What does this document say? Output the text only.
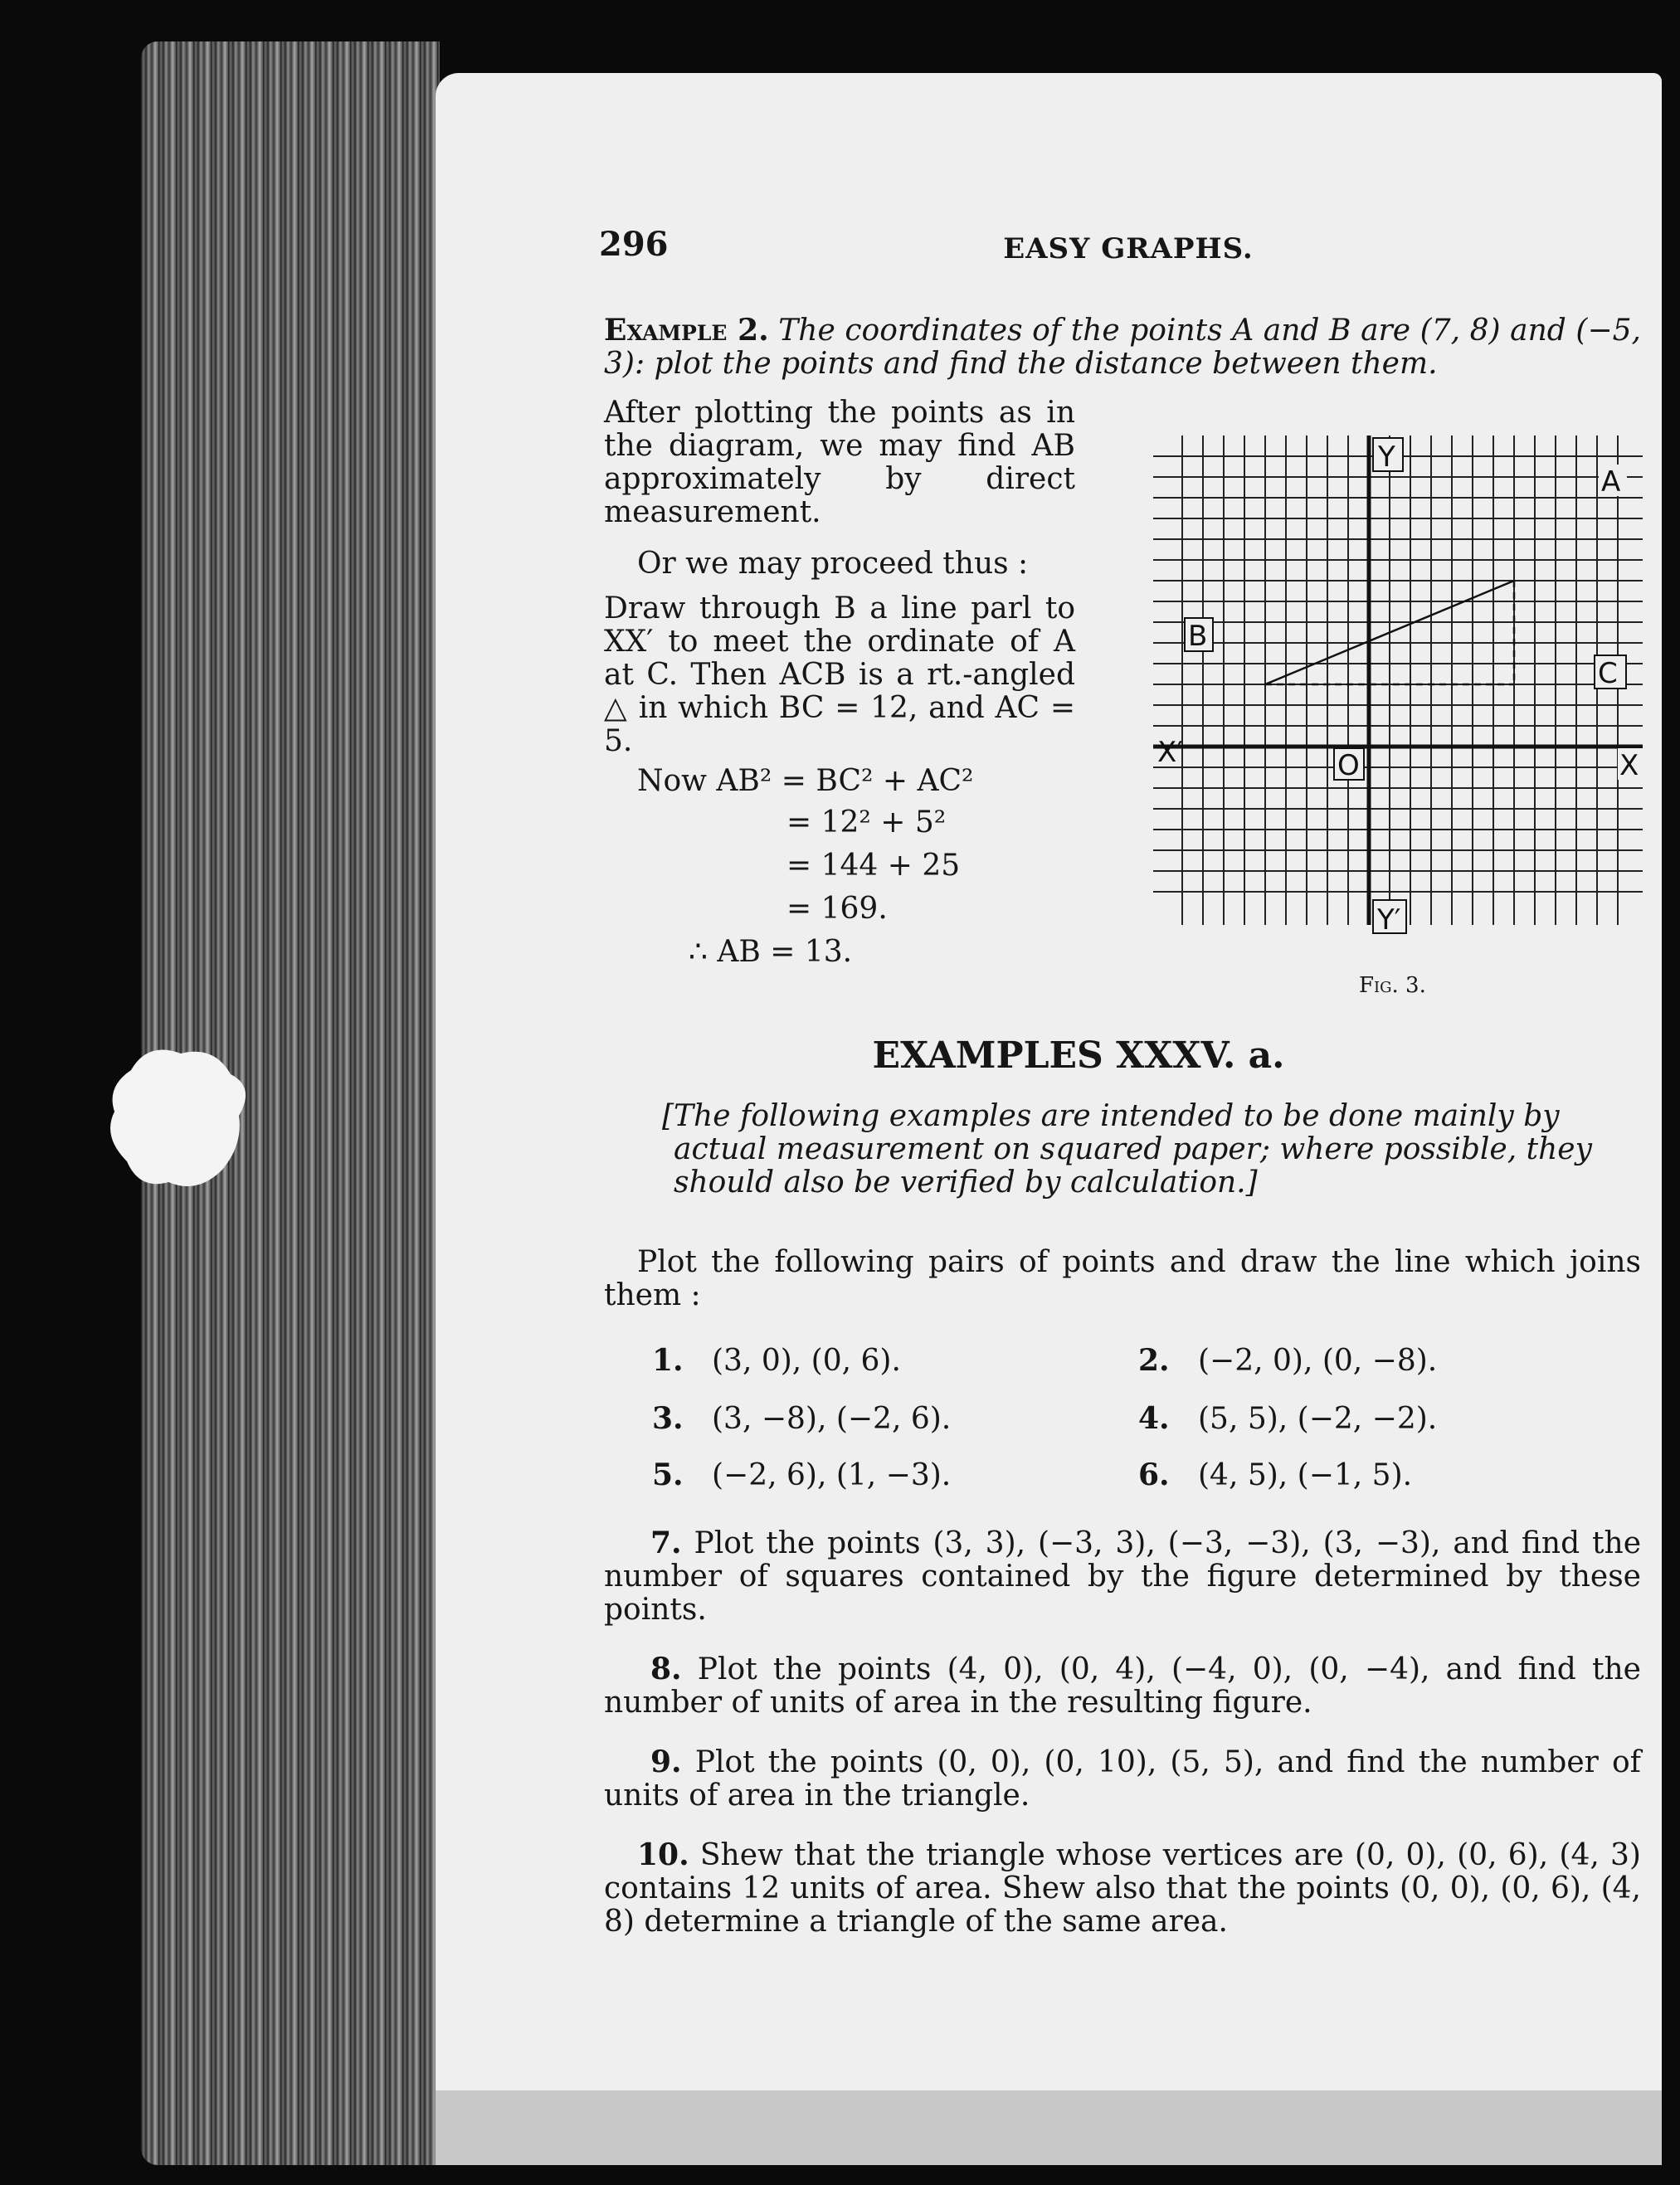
296	EASY GRAPHS.
Example 2. The coordinates of the points A and B are (7, 8) and (−5, 3): plot the points and find the distance between them.
After plotting the points as in the diagram, we may find AB approximately by direct measurement.
Or we may proceed thus :
Draw through B a line parl to XX′ to meet the ordinate of A at C. Then ACB is a rt.-angled △ in which BC = 12, and AC = 5.
Now AB² = BC² + AC²
= 12² + 5²
= 144 + 25
= 169.
∴ AB = 13.
Y
Y′
X′	X
O
A
B
C
Fig. 3.
EXAMPLES XXXV. a.
[The following examples are intended to be done mainly by actual measurement on squared paper; where possible, they should also be verified by calculation.]
Plot the following pairs of points and draw the line which joins them :
1. (3, 0), (0, 6).	2. (−2, 0), (0, −8).
3. (3, −8), (−2, 6).	4. (5, 5), (−2, −2).
5. (−2, 6), (1, −3).	6. (4, 5), (−1, 5).
7. Plot the points (3, 3), (−3, 3), (−3, −3), (3, −3), and find the number of squares contained by the figure determined by these points.
8. Plot the points (4, 0), (0, 4), (−4, 0), (0, −4), and find the number of units of area in the resulting figure.
9. Plot the points (0, 0), (0, 10), (5, 5), and find the number of units of area in the triangle.
10. Shew that the triangle whose vertices are (0, 0), (0, 6), (4, 3) contains 12 units of area. Shew also that the points (0, 0), (0, 6), (4, 8) determine a triangle of the same area.
